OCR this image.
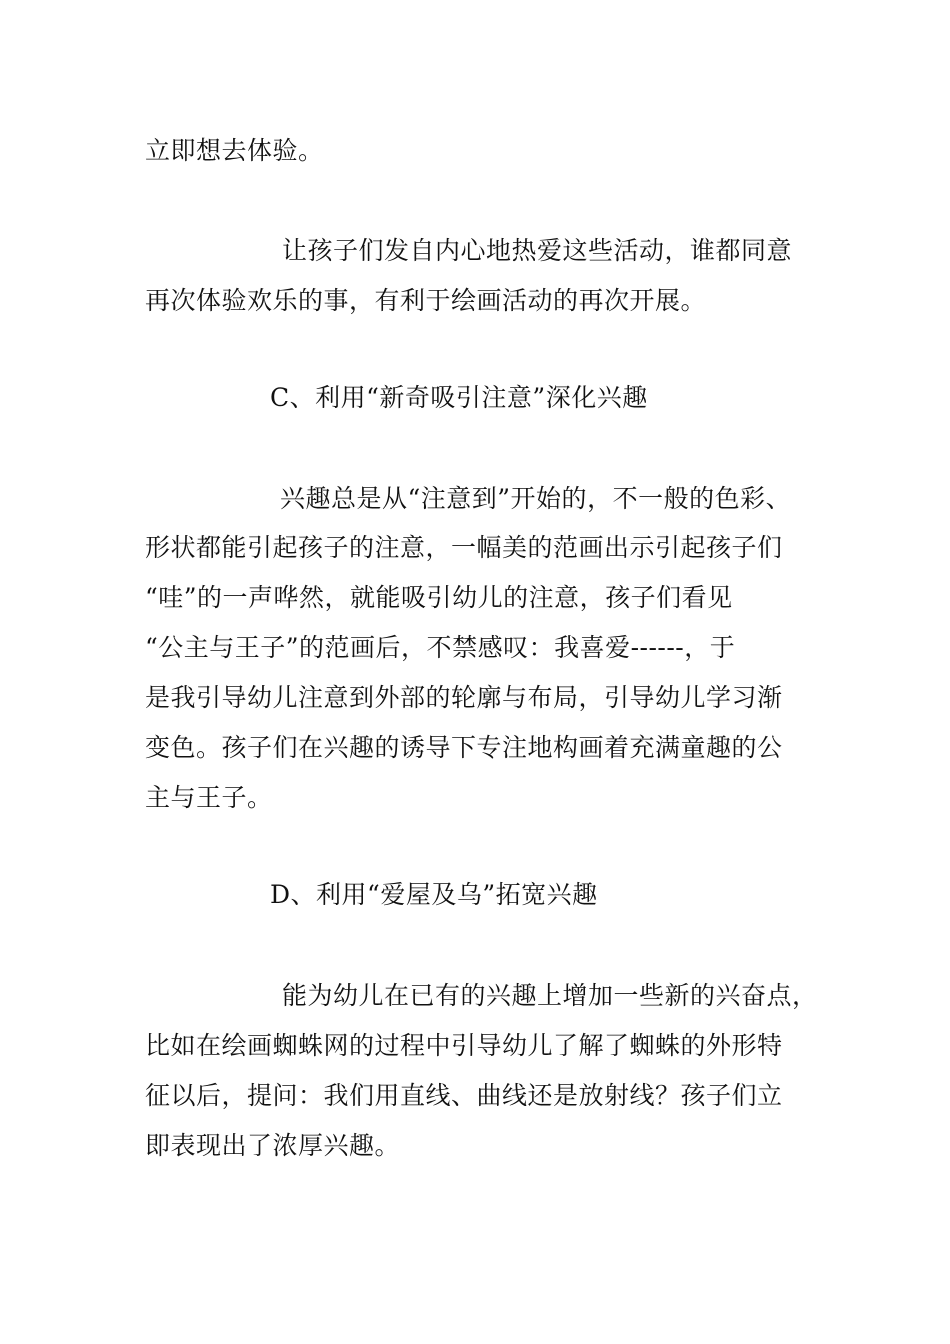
立即想去体验。
让孩子们发自内心地热爱这些活动，谁都同意
再次体验欢乐的事，有利于绘画活动的再次开展。
C、利用“新奇吸引注意”深化兴趣
兴趣总是从“注意到”开始的，不一般的色彩、
形状都能引起孩子的注意，一幅美的范画出示引起孩子们
“哇”的一声哗然，就能吸引幼儿的注意，孩子们看见
“公主与王子”的范画后，不禁感叹：我喜爱------，于
是我引导幼儿注意到外部的轮廓与布局，引导幼儿学习渐
变色。孩子们在兴趣的诱导下专注地构画着充满童趣的公
主与王子。
D、利用“爱屋及乌”拓宽兴趣
能为幼儿在已有的兴趣上增加一些新的兴奋点，
比如在绘画蜘蛛网的过程中引导幼儿了解了蜘蛛的外形特
征以后，提问：我们用直线、曲线还是放射线？孩子们立
即表现出了浓厚兴趣。
